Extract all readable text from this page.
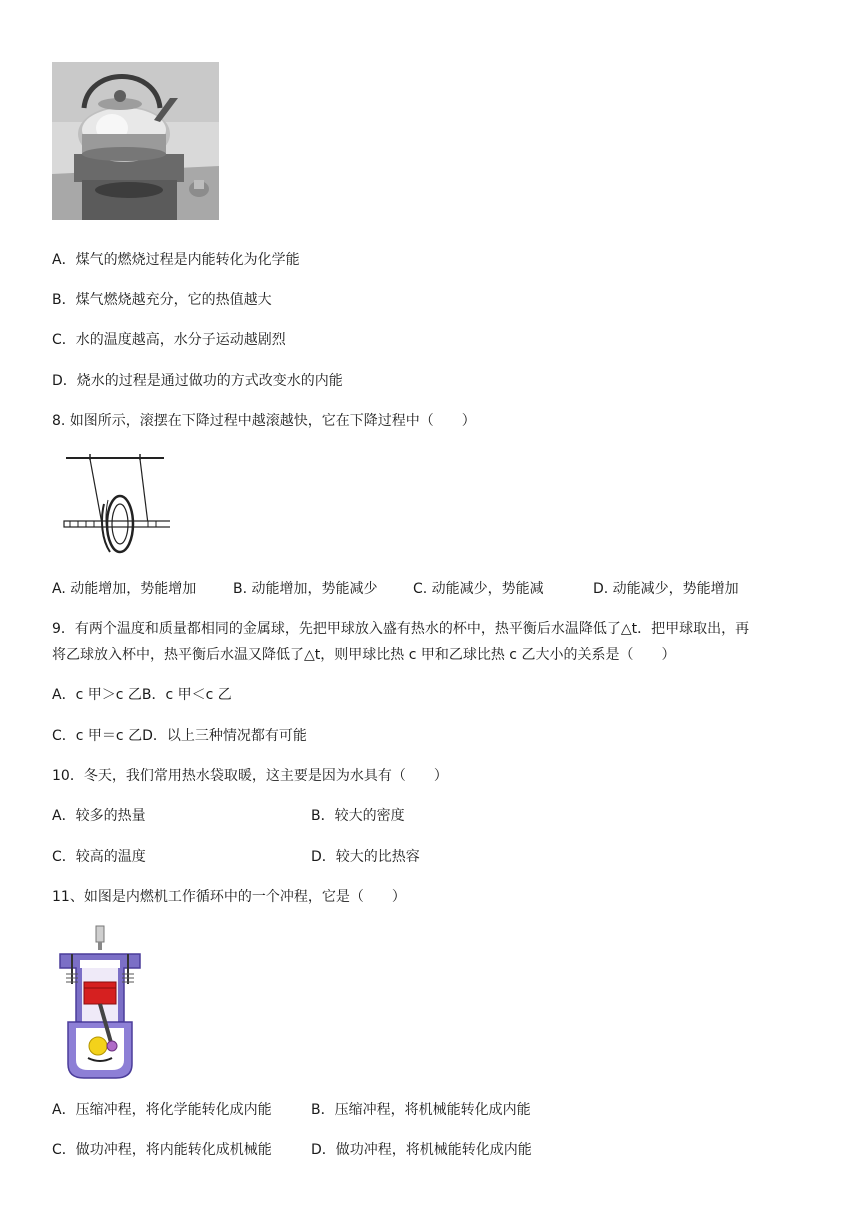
A．煤气的燃烧过程是内能转化为化学能
B．煤气燃烧越充分，它的热值越大
C．水的温度越高，水分子运动越剧烈
D．烧水的过程是通过做功的方式改变水的内能
8. 如图所示，滚摆在下降过程中越滚越快，它在下降过程中（　　）
A. 动能增加，势能增加	B. 动能增加，势能减少	C. 动能减少，势能减	D. 动能减少，势能增加
9．有两个温度和质量都相同的金属球，先把甲球放入盛有热水的杯中，热平衡后水温降低了△t．把甲球取出，再
将乙球放入杯中，热平衡后水温又降低了△t，则甲球比热 c 甲和乙球比热 c 乙大小的关系是（　　）
A．c 甲＞c 乙B．c 甲＜c 乙
C．c 甲＝c 乙D．以上三种情况都有可能
10．冬天，我们常用热水袋取暖，这主要是因为水具有（　　）
A．较多的热量	B．较大的密度
C．较高的温度	D．较大的比热容
11、如图是内燃机工作循环中的一个冲程，它是（　　）
A．压缩冲程，将化学能转化成内能	B．压缩冲程，将机械能转化成内能
C．做功冲程，将内能转化成机械能	D．做功冲程，将机械能转化成内能
